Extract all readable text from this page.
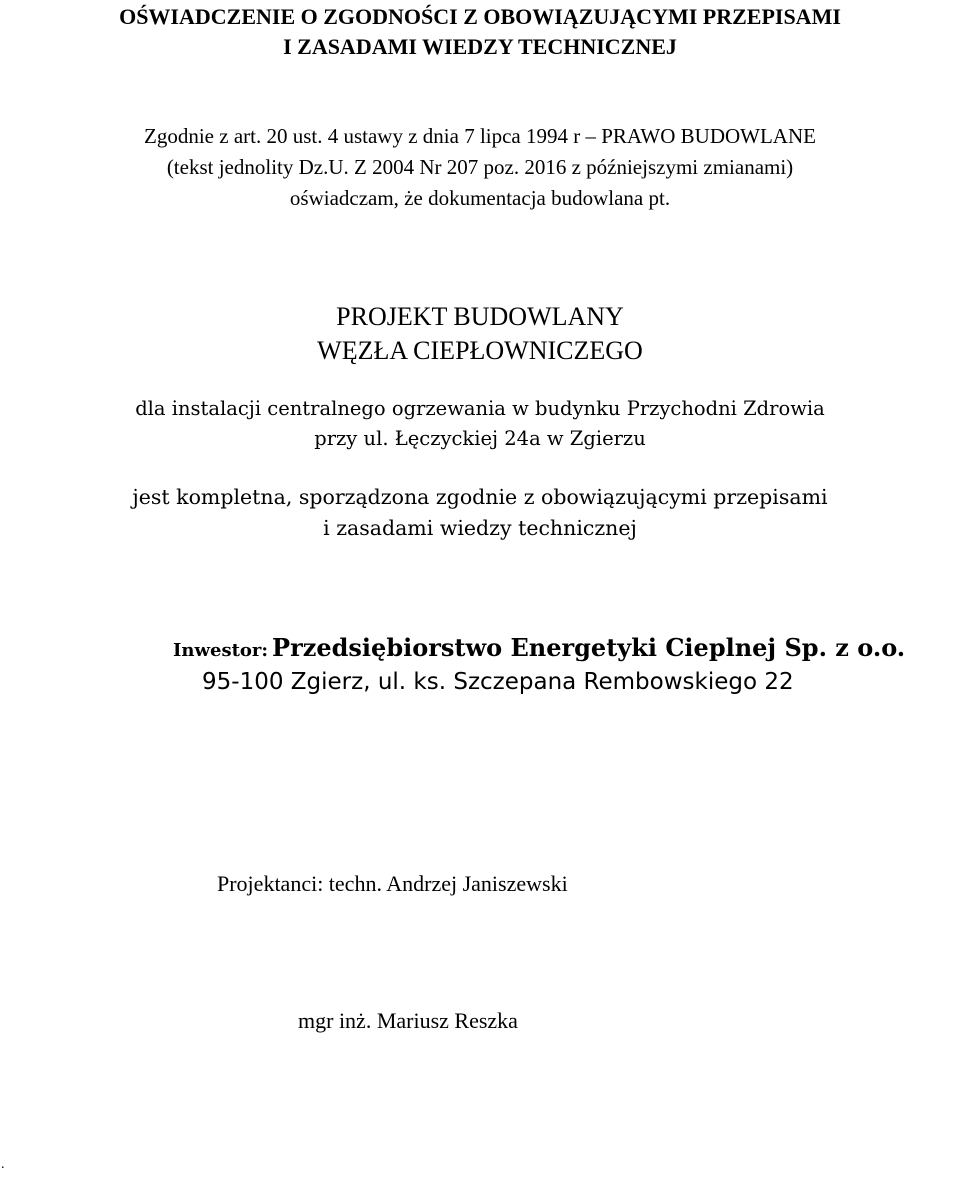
OŚWIADCZENIE O ZGODNOŚCI Z OBOWIĄZUJĄCYMI PRZEPISAMI
I ZASADAMI WIEDZY TECHNICZNEJ
Zgodnie z art. 20 ust. 4 ustawy z dnia 7 lipca 1994 r – PRAWO BUDOWLANE
(tekst jednolity Dz.U. Z 2004 Nr 207 poz. 2016 z późniejszymi zmianami)
oświadczam, że dokumentacja budowlana pt.
PROJEKT BUDOWLANY
WĘZŁA CIEPŁOWNICZEGO
dla instalacji centralnego ogrzewania w budynku Przychodni Zdrowia
przy ul. Łęczyckiej 24a w Zgierzu
jest kompletna, sporządzona zgodnie z obowiązującymi przepisami
i zasadami wiedzy technicznej
Inwestor: Przedsiębiorstwo Energetyki Cieplnej Sp. z o.o.
95-100 Zgierz, ul. ks. Szczepana Rembowskiego 22
Projektanci: techn. Andrzej Janiszewski
mgr inż. Mariusz Reszka
.
